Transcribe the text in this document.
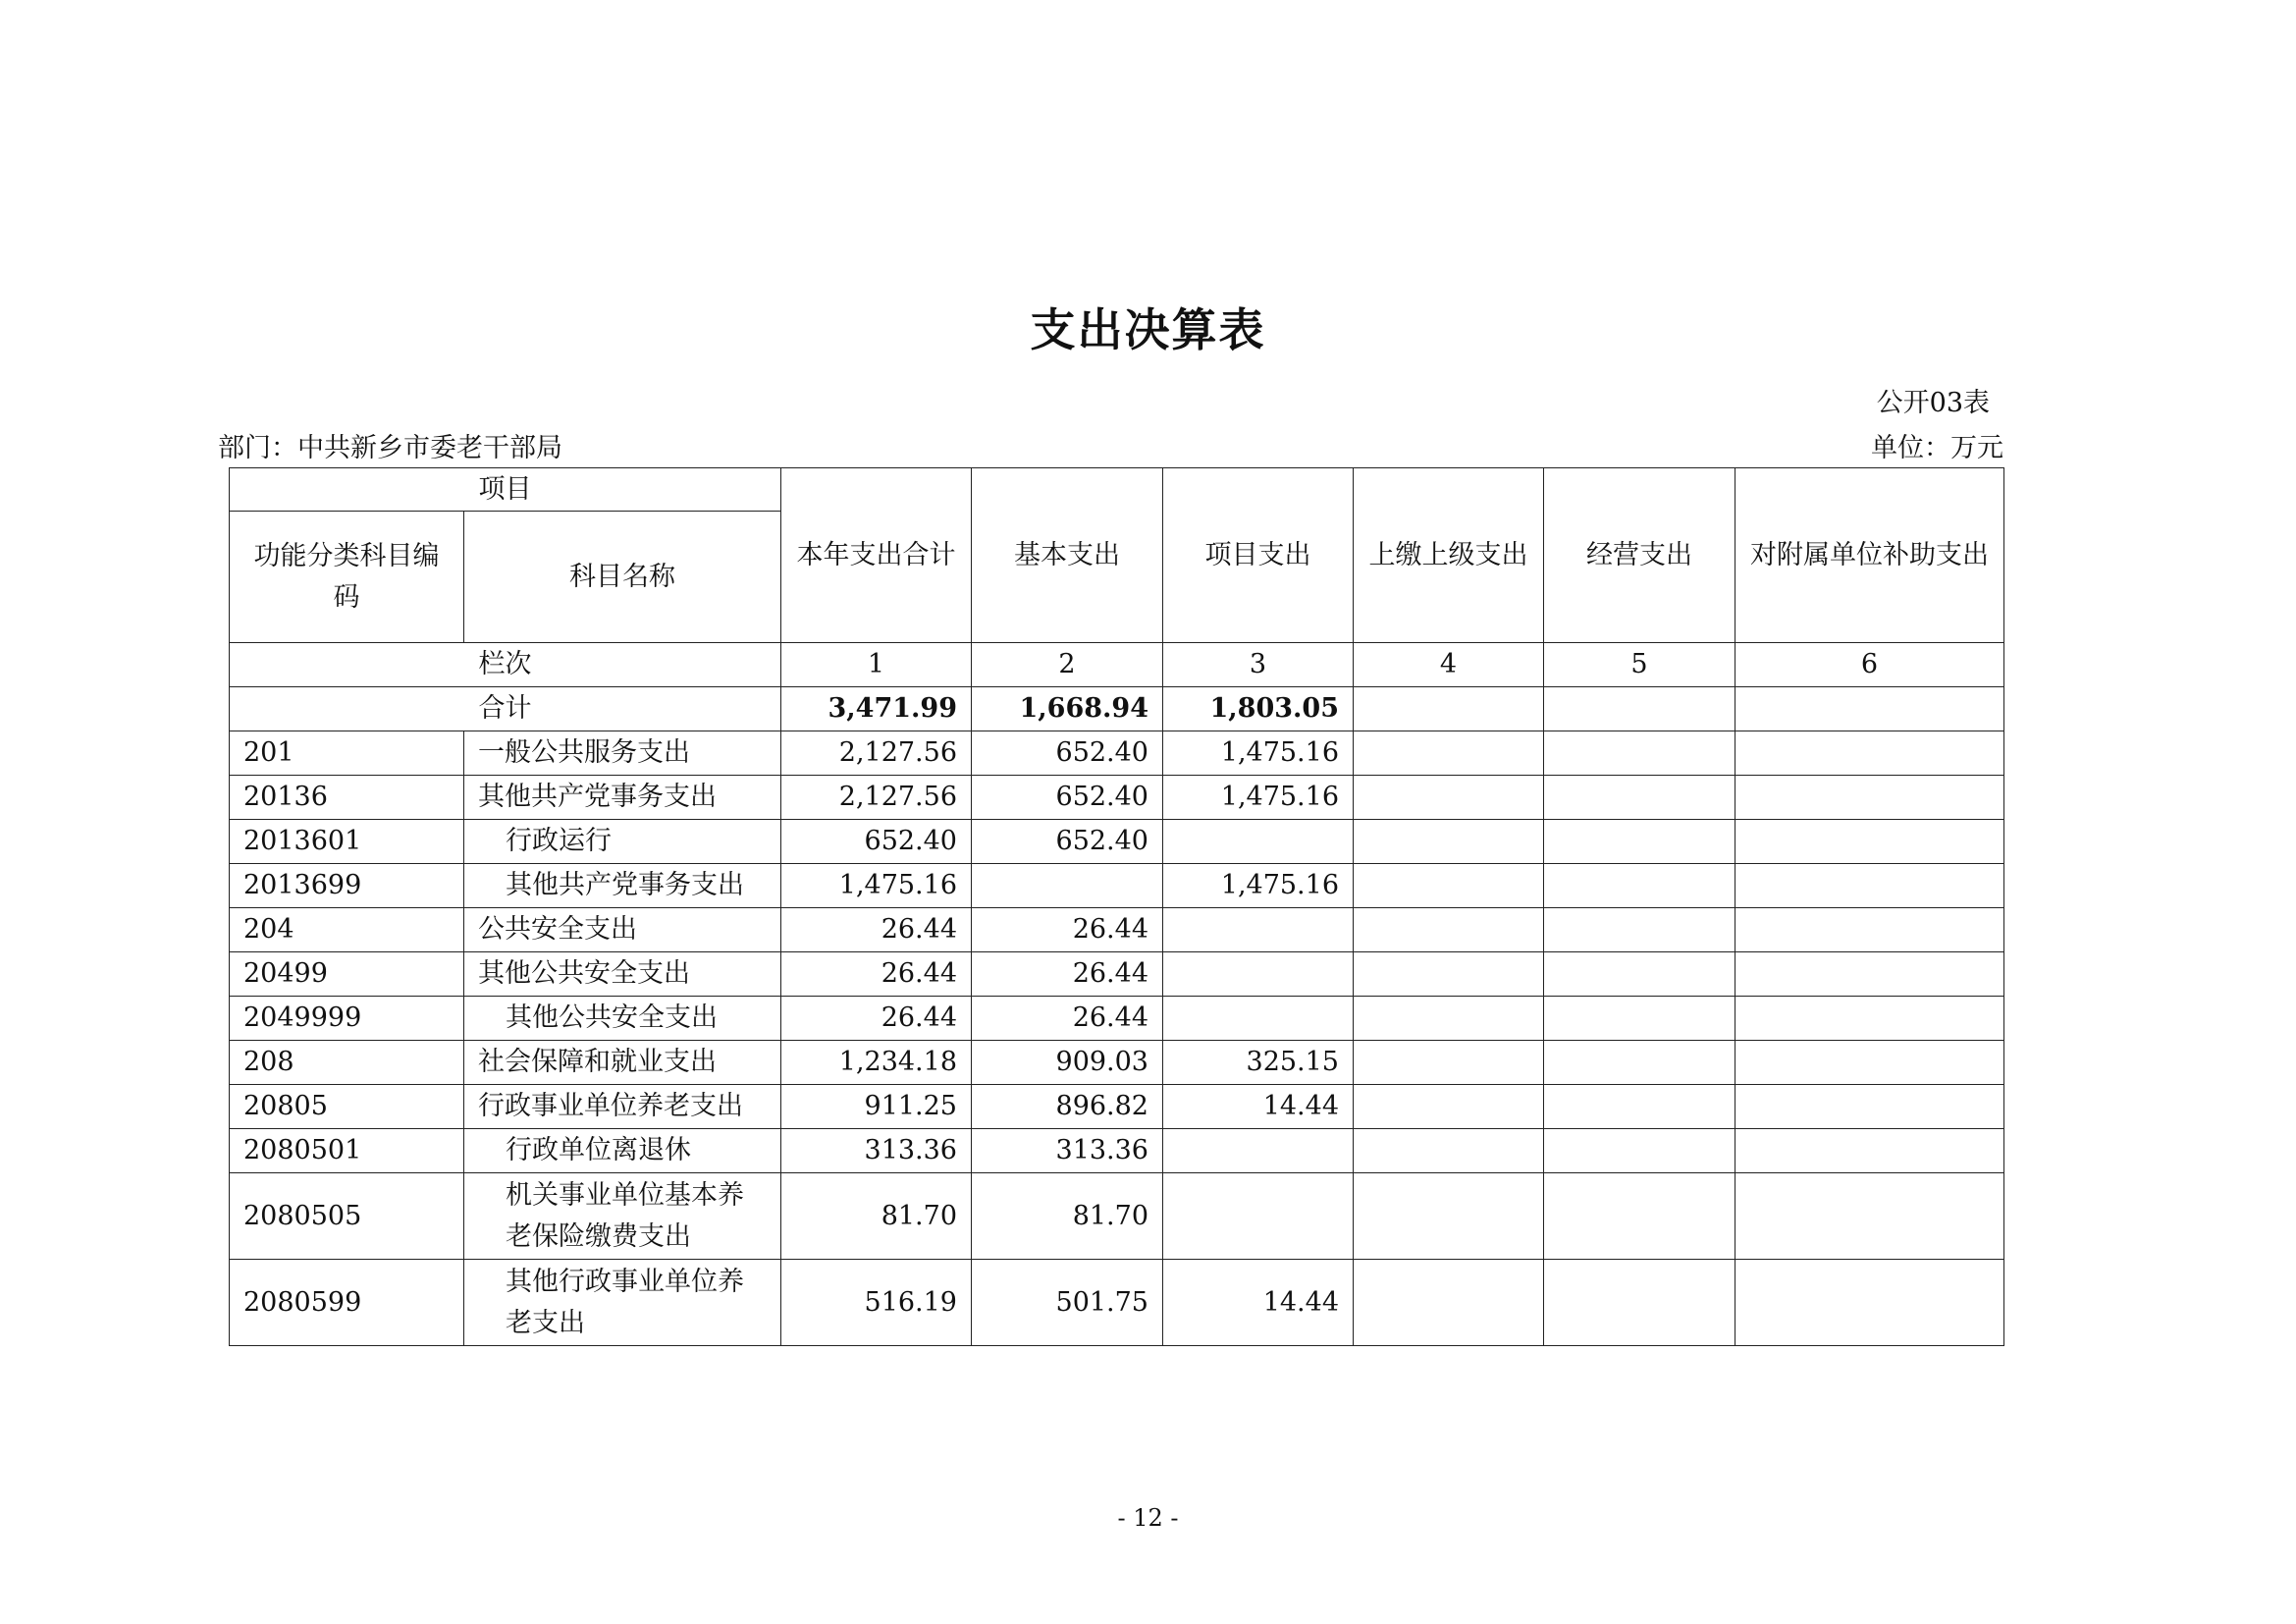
支出决算表
公开03表
部门：中共新乡市委老干部局	单位：万元
项目		本年支出合计	基本支出	项目支出	上缴上级支出	经营支出	对附属单位补助支出
功能分类科目编码	科目名称						
栏次		1	2	3	4	5	6
合计		3,471.99	1,668.94	1,803.05			
201	一般公共服务支出	2,127.56	652.40	1,475.16			
20136	其他共产党事务支出	2,127.56	652.40	1,475.16			
2013601	行政运行	652.40	652.40				
2013699	其他共产党事务支出	1,475.16		1,475.16			
204	公共安全支出	26.44	26.44				
20499	其他公共安全支出	26.44	26.44				
2049999	其他公共安全支出	26.44	26.44				
208	社会保障和就业支出	1,234.18	909.03	325.15			
20805	行政事业单位养老支出	911.25	896.82	14.44			
2080501	行政单位离退休	313.36	313.36				
2080505	机关事业单位基本养老保险缴费支出	81.70	81.70				
2080599	其他行政事业单位养老支出	516.19	501.75	14.44			
- 12 -
